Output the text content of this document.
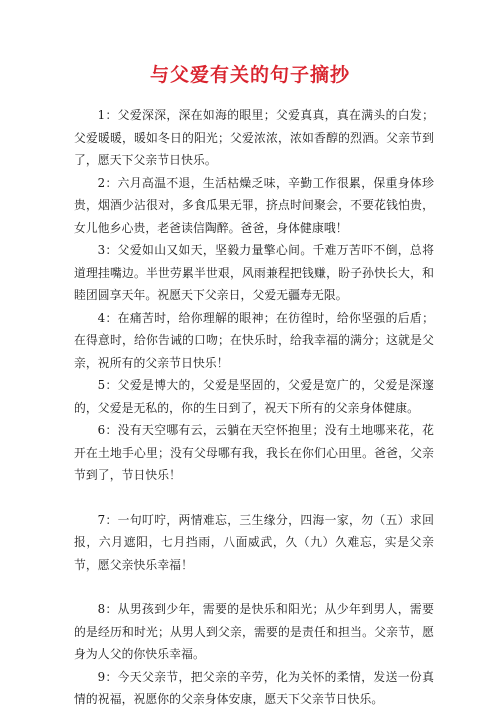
与父爱有关的句子摘抄

1：父爱深深，深在如海的眼里；父爱真真，真在满头的白发；父爱暖暖，暖如冬日的阳光；父爱浓浓，浓如香醇的烈酒。父亲节到了，愿天下父亲节日快乐。

2：六月高温不退，生活枯燥乏味，辛勤工作很累，保重身体珍贵，烟酒少沾很对，多食瓜果无罪，挤点时间聚会，不要花钱怕贵，女儿他乡心贵，老爸读信陶醉。爸爸，身体健康哦！

3：父爱如山又如天，坚毅力量擎心间。千难万苦吓不倒，总将道理挂嘴边。半世劳累半世艰，风雨兼程把钱赚，盼子孙快长大，和睦团圆享天年。祝愿天下父亲日，父爱无疆寿无限。

4：在痛苦时，给你理解的眼神；在彷徨时，给你坚强的后盾；在得意时，给你告诫的口吻；在快乐时，给我幸福的满分；这就是父亲，祝所有的父亲节日快乐！

5：父爱是博大的，父爱是坚固的，父爱是宽广的，父爱是深邃的，父爱是无私的，你的生日到了，祝天下所有的父亲身体健康。

6：没有天空哪有云，云躺在天空怀抱里；没有土地哪来花，花开在土地手心里；没有父母哪有我，我长在你们心田里。爸爸，父亲节到了，节日快乐！

7：一句叮咛，两情难忘，三生缘分，四海一家，勿（五）求回报，六月遮阳，七月挡雨，八面威武，久（九）久难忘，实是父亲节，愿父亲快乐幸福！

8：从男孩到少年，需要的是快乐和阳光；从少年到男人，需要的是经历和时光；从男人到父亲，需要的是责任和担当。父亲节，愿身为人父的你快乐幸福。

9：今天父亲节，把父亲的辛劳，化为关怀的柔情，发送一份真情的祝福，祝愿你的父亲身体安康，愿天下父亲节日快乐。
